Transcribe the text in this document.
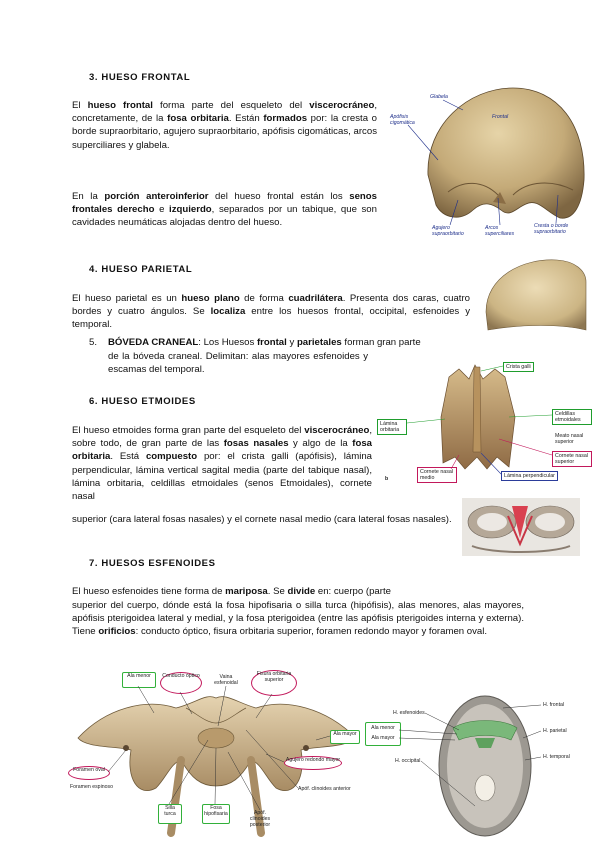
3. HUESO FRONTAL
El hueso frontal forma parte del esqueleto del viscerocráneo, concretamente, de la fosa orbitaria. Están formados por: la cresta o borde supraorbitario, agujero supraorbitario, apófisis cigomáticas, arcos superciliares y glabela.
En la porción anteroinferior del hueso frontal están los senos frontales derecho e izquierdo, separados por un tabique, que son cavidades neumáticas alojadas dentro del hueso.
Glabela
Frontal
Apófisis cigomática
Agujero supraorbitario
Arcos superciliares
Cresta o borde supraorbitario
4. HUESO PARIETAL
El hueso parietal es un hueso plano de forma cuadrilátera. Presenta dos caras, cuatro bordes y cuatro ángulos. Se localiza entre los huesos frontal, occipital, esfenoides y temporal.
5. BÓVEDA CRANEAL: Los Huesos frontal y parietales forman gran parte
de la bóveda craneal. Delimitan: alas mayores esfenoides y escamas del temporal.
6. HUESO ETMOIDES
El hueso etmoides forma gran parte del esqueleto del viscerocráneo, sobre todo, de gran parte de las fosas nasales y algo de la fosa orbitaria. Está compuesto por: el crista galli (apófisis), lámina perpendicular, lámina vertical sagital media (parte del tabique nasal), lámina orbitaria, celdillas etmoidales (senos Etmoidales), cornete nasal
superior (cara lateral fosas nasales) y el cornete nasal medio (cara lateral fosas nasales).
Crista galli
Lámina orbitaria
Celdillas etmoidales
Meato nasal superior
Cornete nasal superior
Cornete nasal medio	Lámina perpendicular
b
7. HUESOS ESFENOIDES
El hueso esfenoides tiene forma de mariposa. Se divide en: cuerpo (parte
superior del cuerpo, dónde está la fosa hipofisaria o silla turca (hipófisis), alas menores, alas mayores, apófisis pterigoidea lateral y medial, y la fosa pterigoidea (entre las apófisis pterigoides interna y externa). Tiene orificios: conducto óptico, fisura orbitaria superior, foramen redondo mayor y foramen oval.
Ala menor	Conducto óptico	Vaina esfenoidal
Fisura orbitaria superior
Foramen oval
Foramen espinoso
Ala mayor
Agujero redondo mayor
Apóf. clinoides anterior
Silla turca
Fosa hipofisaria	Apóf. clinoides posterior
H. esfenoides
Ala menor
Ala mayor
H. occipital
H. frontal
H. parietal
H. temporal
